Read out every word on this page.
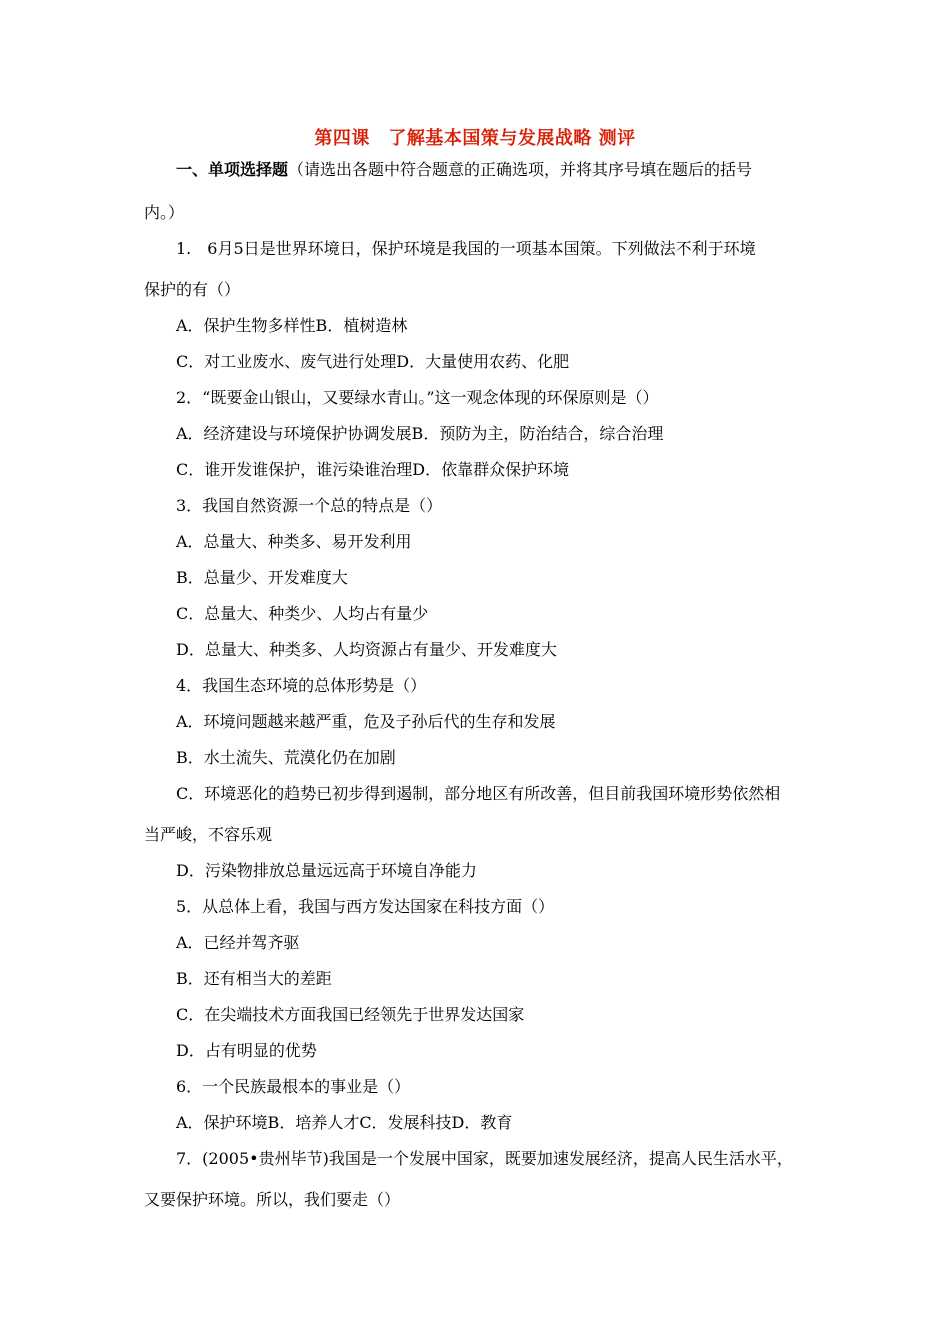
第四课　了解基本国策与发展战略 测评
一、单项选择题（请选出各题中符合题意的正确选项，并将其序号填在题后的括号
内。）
1.　6月5日是世界环境日，保护环境是我国的一项基本国策。下列做法不利于环境
保护的有（）
A．保护生物多样性B．植树造林
C．对工业废水、废气进行处理D．大量使用农药、化肥
2．“既要金山银山，又要绿水青山。”这一观念体现的环保原则是（）
A．经济建设与环境保护协调发展B．预防为主，防治结合，综合治理
C．谁开发谁保护，谁污染谁治理D．依靠群众保护环境
3．我国自然资源一个总的特点是（）
A．总量大、种类多、易开发利用
B．总量少、开发难度大
C．总量大、种类少、人均占有量少
D．总量大、种类多、人均资源占有量少、开发难度大
4．我国生态环境的总体形势是（）
A．环境问题越来越严重，危及子孙后代的生存和发展
B．水土流失、荒漠化仍在加剧
C．环境恶化的趋势已初步得到遏制，部分地区有所改善，但目前我国环境形势依然相
当严峻，不容乐观
D．污染物排放总量远远高于环境自净能力
5．从总体上看，我国与西方发达国家在科技方面（）
A．已经并驾齐驱
B．还有相当大的差距
C．在尖端技术方面我国已经领先于世界发达国家
D．占有明显的优势
6．一个民族最根本的事业是（）
A．保护环境B．培养人才C．发展科技D．教育
7．(2005•贵州毕节)我国是一个发展中国家，既要加速发展经济，提高人民生活水平，
又要保护环境。所以，我们要走（）
